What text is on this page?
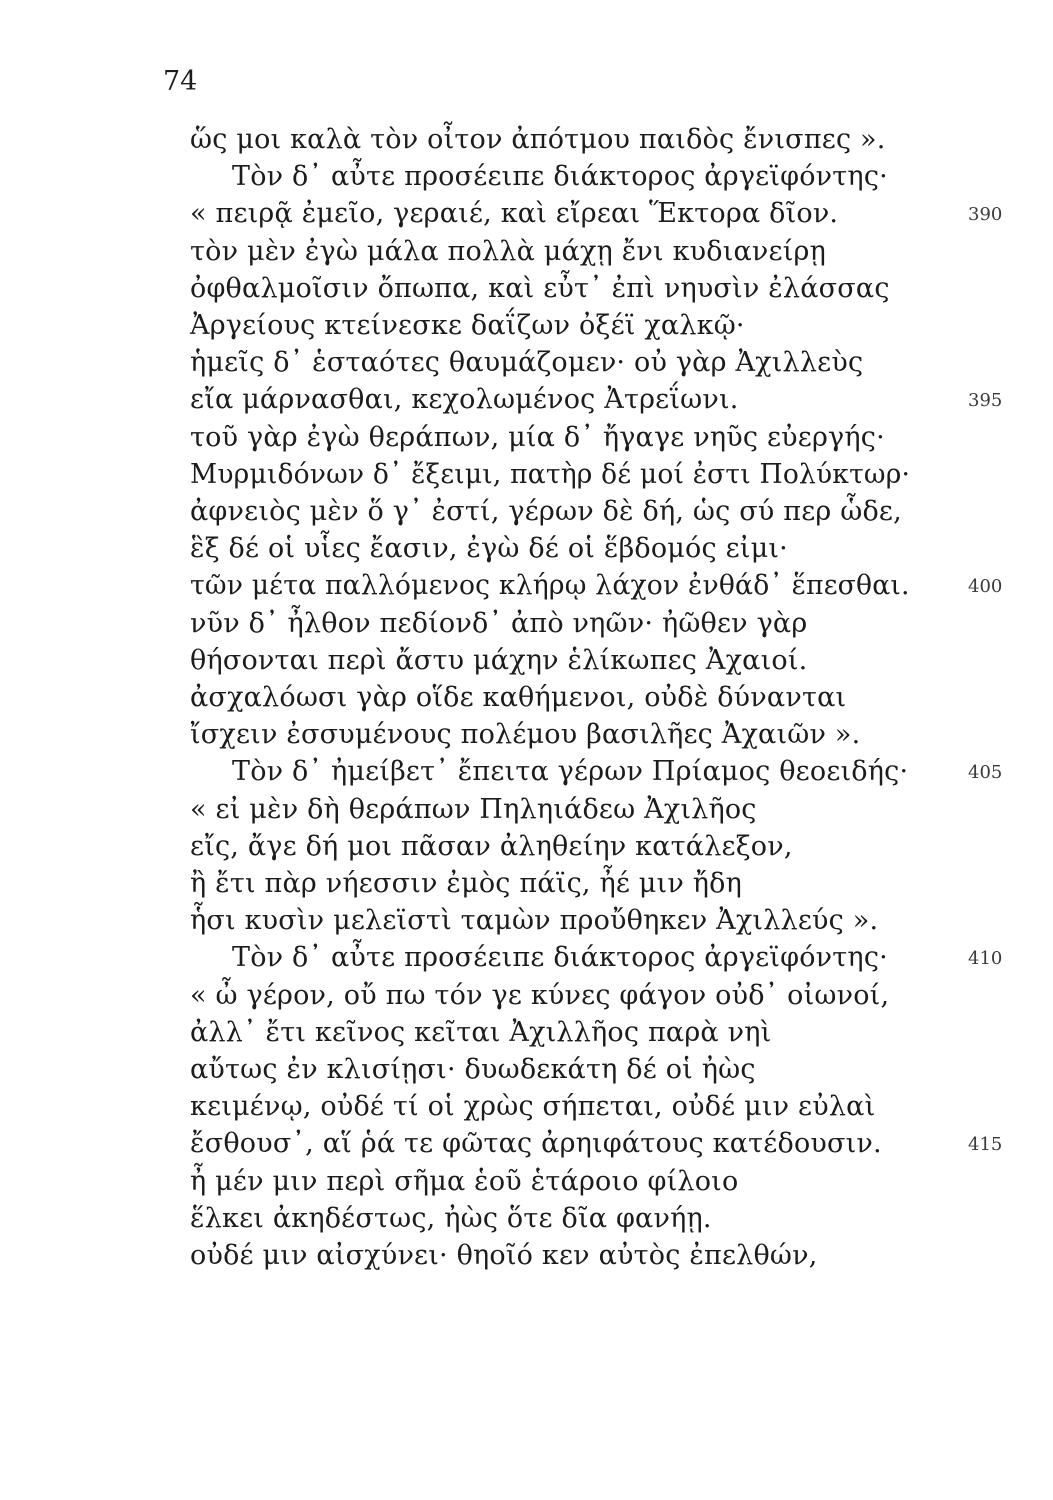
74
ὥς μοι καλὰ τὸν οἶτον ἀπότμου παιδὸς ἔνισπες ».
Τὸν δ᾽ αὖτε προσέειπε διάκτορος ἀργεϊφόντης·
« πειρᾷ ἐμεῖο, γεραιέ, καὶ εἴρεαι Ἕκτορα δῖον.	390
τὸν μὲν ἐγὼ μάλα πολλὰ μάχῃ ἔνι κυδιανείρῃ
ὀφθαλμοῖσιν ὄπωπα, καὶ εὖτ᾽ ἐπὶ νηυσὶν ἐλάσσας
Ἀργείους κτείνεσκε δαΐζων ὀξέϊ χαλκῷ·
ἡμεῖς δ᾽ ἑσταότες θαυμάζομεν· οὐ γὰρ Ἀχιλλεὺς
εἴα μάρνασθαι, κεχολωμένος Ἀτρεΐωνι.	395
τοῦ γὰρ ἐγὼ θεράπων, μία δ᾽ ἤγαγε νηῦς εὐεργής·
Μυρμιδόνων δ᾽ ἔξειμι, πατὴρ δέ μοί ἐστι Πολύκτωρ·
ἀφνειὸς μὲν ὅ γ᾽ ἐστί, γέρων δὲ δή, ὡς σύ περ ὧδε,
ἓξ δέ οἱ υἷες ἔασιν, ἐγὼ δέ οἱ ἕβδομός εἰμι·
τῶν μέτα παλλόμενος κλήρῳ λάχον ἐνθάδ᾽ ἕπεσθαι.	400
νῦν δ᾽ ἦλθον πεδίονδ᾽ ἀπὸ νηῶν· ἠῶθεν γὰρ
θήσονται περὶ ἄστυ μάχην ἑλίκωπες Ἀχαιοί.
ἀσχαλόωσι γὰρ οἵδε καθήμενοι, οὐδὲ δύνανται
ἴσχειν ἐσσυμένους πολέμου βασιλῆες Ἀχαιῶν ».
Τὸν δ᾽ ἠμείβετ᾽ ἔπειτα γέρων Πρίαμος θεοειδής·	405
« εἰ μὲν δὴ θεράπων Πηληιάδεω Ἀχιλῆος
εἴς, ἄγε δή μοι πᾶσαν ἀληθείην κατάλεξον,
ἢ ἔτι πὰρ νήεσσιν ἐμὸς πάϊς, ἦέ μιν ἤδη
ἧσι κυσὶν μελεϊστὶ ταμὼν προὔθηκεν Ἀχιλλεύς ».
Τὸν δ᾽ αὖτε προσέειπε διάκτορος ἀργεϊφόντης·	410
« ὦ γέρον, οὔ πω τόν γε κύνες φάγον οὐδ᾽ οἰωνοί,
ἀλλ᾽ ἔτι κεῖνος κεῖται Ἀχιλλῆος παρὰ νηὶ
αὔτως ἐν κλισίῃσι· δυωδεκάτη δέ οἱ ἠὼς
κειμένῳ, οὐδέ τί οἱ χρὼς σήπεται, οὐδέ μιν εὐλαὶ
ἔσθουσ᾽, αἵ ῥά τε φῶτας ἀρηιφάτους κατέδουσιν.	415
ἦ μέν μιν περὶ σῆμα ἑοῦ ἑτάροιο φίλοιο
ἕλκει ἀκηδέστως, ἠὼς ὅτε δῖα φανήῃ.
οὐδέ μιν αἰσχύνει· θηοῖό κεν αὐτὸς ἐπελθών,
